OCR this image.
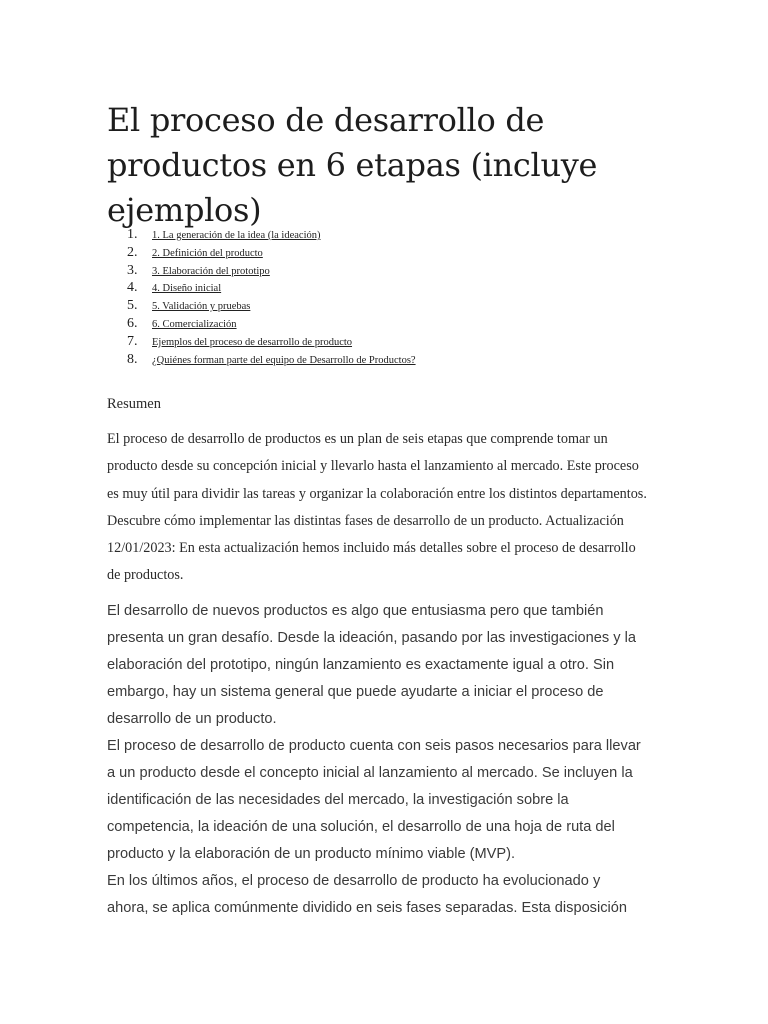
El proceso de desarrollo de productos en 6 etapas (incluye ejemplos)
1. 1. La generación de la idea (la ideación)
2. 2. Definición del producto
3. 3. Elaboración del prototipo
4. 4. Diseño inicial
5. 5. Validación y pruebas
6. 6. Comercialización
7. Ejemplos del proceso de desarrollo de producto
8. ¿Quiénes forman parte del equipo de Desarrollo de Productos?
Resumen

El proceso de desarrollo de productos es un plan de seis etapas que comprende tomar un producto desde su concepción inicial y llevarlo hasta el lanzamiento al mercado. Este proceso es muy útil para dividir las tareas y organizar la colaboración entre los distintos departamentos. Descubre cómo implementar las distintas fases de desarrollo de un producto. Actualización 12/01/2023: En esta actualización hemos incluido más detalles sobre el proceso de desarrollo de productos.

El desarrollo de nuevos productos es algo que entusiasma pero que también presenta un gran desafío. Desde la ideación, pasando por las investigaciones y la elaboración del prototipo, ningún lanzamiento es exactamente igual a otro. Sin embargo, hay un sistema general que puede ayudarte a iniciar el proceso de desarrollo de un producto.

El proceso de desarrollo de producto cuenta con seis pasos necesarios para llevar a un producto desde el concepto inicial al lanzamiento al mercado. Se incluyen la identificación de las necesidades del mercado, la investigación sobre la competencia, la ideación de una solución, el desarrollo de una hoja de ruta del producto y la elaboración de un producto mínimo viable (MVP).

En los últimos años, el proceso de desarrollo de producto ha evolucionado y ahora, se aplica comúnmente dividido en seis fases separadas. Esta disposición
